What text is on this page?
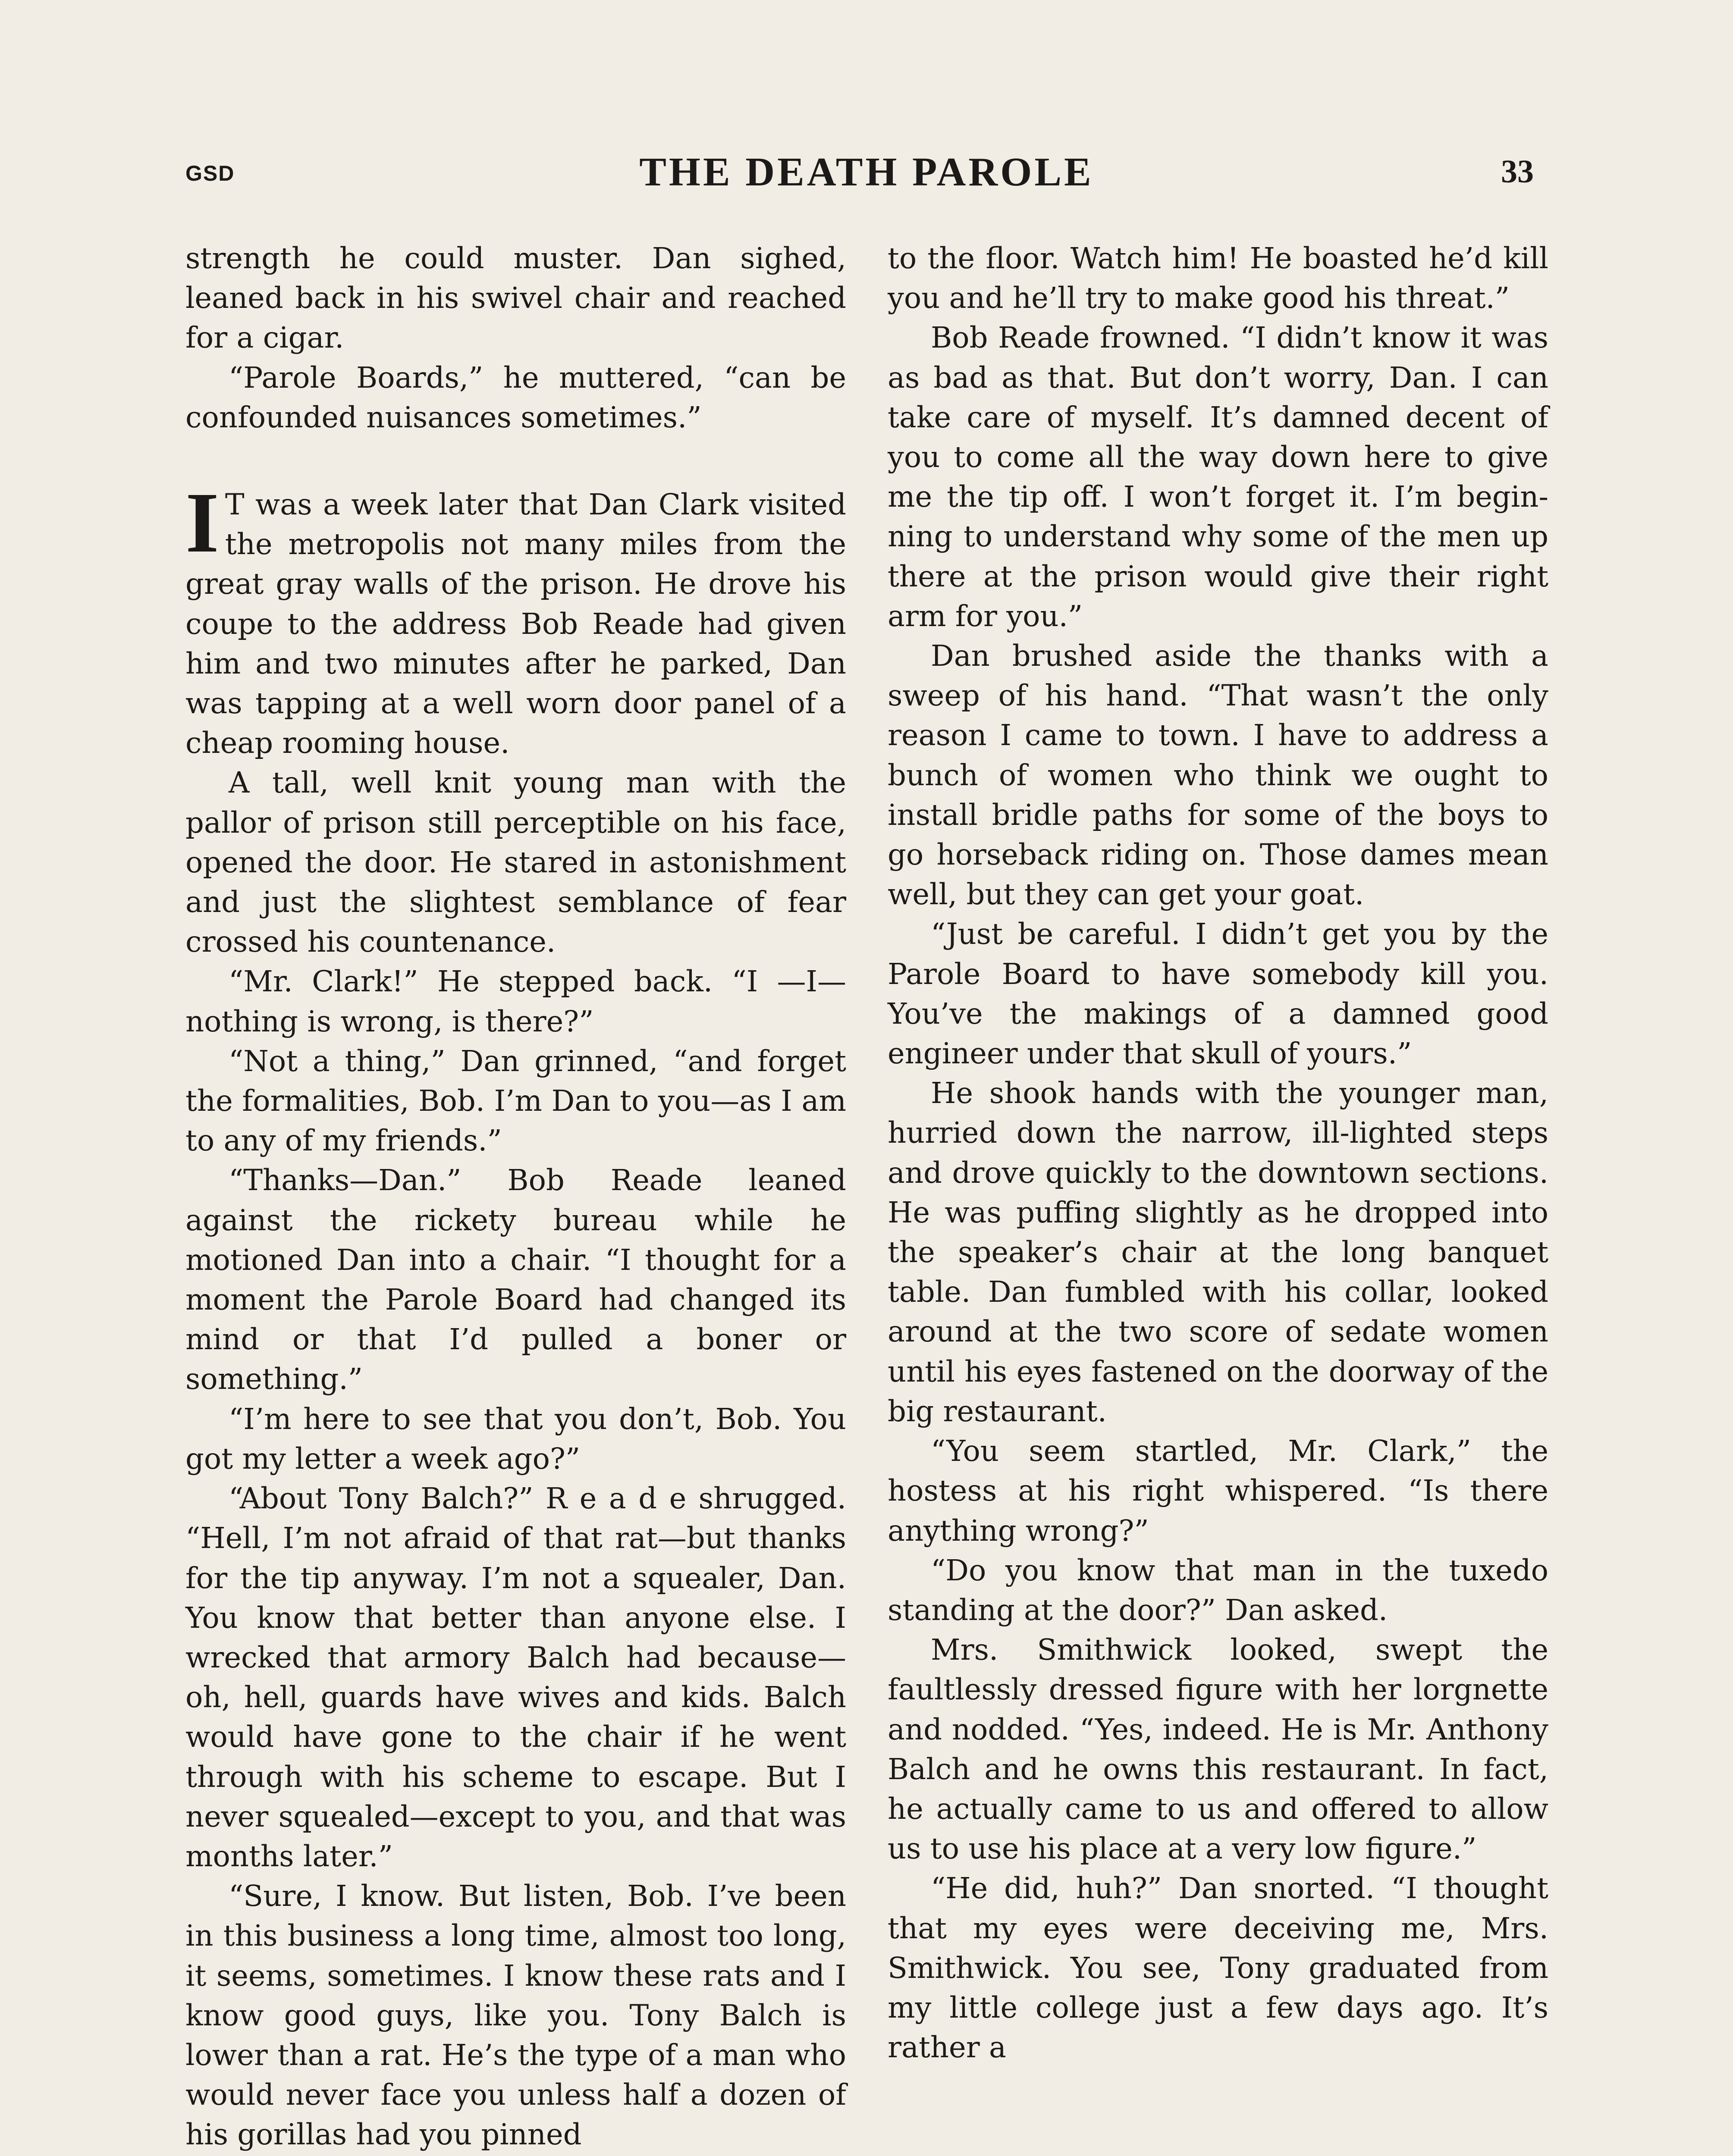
GSD	THE DEATH PAROLE	33

strength he could muster. Dan sighed, leaned back in his swivel chair and reached for a cigar.

“Parole Boards,” he muttered, “can be confounded nuisances sometimes.”

I T was a week later that Dan Clark visited the metropolis not many miles from the great gray walls of the prison. He drove his coupe to the address Bob Reade had given him and two minutes after he parked, Dan was tapping at a well worn door panel of a cheap rooming house.

A tall, well knit young man with the pallor of prison still perceptible on his face, opened the door. He stared in astonishment and just the slightest semblance of fear crossed his countenance.

“Mr. Clark!” He stepped back. “I —I—nothing is wrong, is there?”

“Not a thing,” Dan grinned, “and forget the formalities, Bob. I’m Dan to you—as I am to any of my friends.”

“Thanks—Dan.” Bob Reade leaned against the rickety bureau while he motioned Dan into a chair. “I thought for a moment the Parole Board had changed its mind or that I’d pulled a boner or something.”

“I’m here to see that you don’t, Bob. You got my letter a week ago?”

“About Tony Balch?” R e a d e shrugged. “Hell, I’m not afraid of that rat—but thanks for the tip anyway. I’m not a squealer, Dan. You know that better than anyone else. I wrecked that armory Balch had because—oh, hell, guards have wives and kids. Balch would have gone to the chair if he went through with his scheme to escape. But I never squealed—except to you, and that was months later.”

“Sure, I know. But listen, Bob. I’ve been in this business a long time, almost too long, it seems, sometimes. I know these rats and I know good guys, like you. Tony Balch is lower than a rat. He’s the type of a man who would never face you unless half a dozen of his gorillas had you pinned

to the floor. Watch him! He boasted he’d kill you and he’ll try to make good his threat.”

Bob Reade frowned. “I didn’t know it was as bad as that. But don’t worry, Dan. I can take care of myself. It’s damned decent of you to come all the way down here to give me the tip off. I won’t forget it. I’m beginning to understand why some of the men up there at the prison would give their right arm for you.”

Dan brushed aside the thanks with a sweep of his hand. “That wasn’t the only reason I came to town. I have to address a bunch of women who think we ought to install bridle paths for some of the boys to go horseback riding on. Those dames mean well, but they can get your goat.

“Just be careful. I didn’t get you by the Parole Board to have somebody kill you. You’ve the makings of a damned good engineer under that skull of yours.”

He shook hands with the younger man, hurried down the narrow, ill-lighted steps and drove quickly to the downtown sections. He was puffing slightly as he dropped into the speaker’s chair at the long banquet table. Dan fumbled with his collar, looked around at the two score of sedate women until his eyes fastened on the doorway of the big restaurant.

“You seem startled, Mr. Clark,” the hostess at his right whispered. “Is there anything wrong?”

“Do you know that man in the tuxedo standing at the door?” Dan asked.

Mrs. Smithwick looked, swept the faultlessly dressed figure with her lorgnette and nodded. “Yes, indeed. He is Mr. Anthony Balch and he owns this restaurant. In fact, he actually came to us and offered to allow us to use his place at a very low figure.”

“He did, huh?” Dan snorted. “I thought that my eyes were deceiving me, Mrs. Smithwick. You see, Tony graduated from my little college just a few days ago. It’s rather a
